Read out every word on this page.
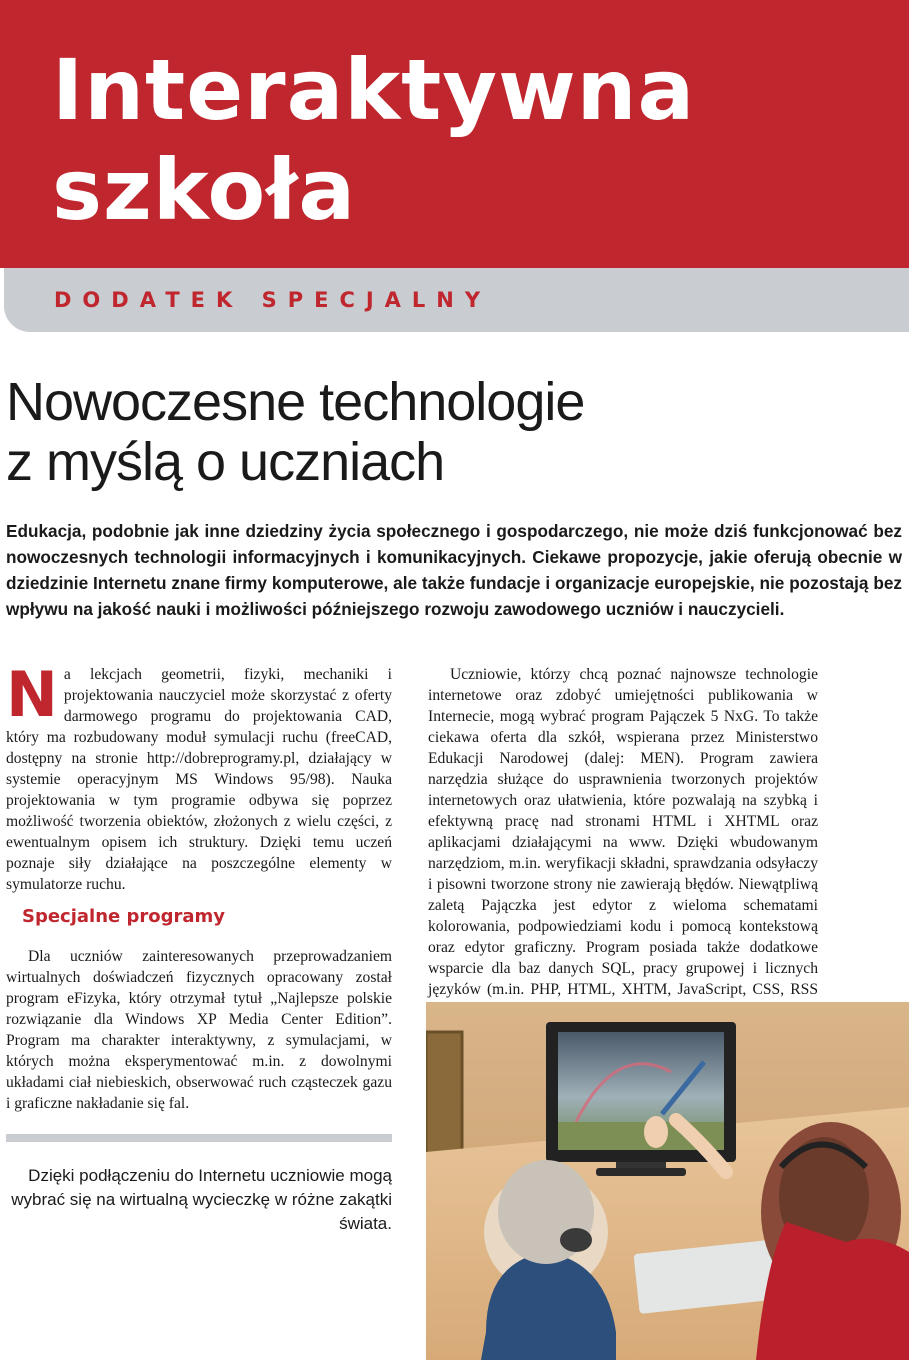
Interaktywna
szkoła
DODATEK SPECJALNY
Nowoczesne technologie
z myślą o uczniach

Edukacja, podobnie jak inne dziedziny życia społecznego i gospodarczego, nie może dziś funkcjonować bez nowoczesnych technologii informacyjnych i komunikacyjnych. Ciekawe propozycje, jakie oferują obecnie w dziedzinie Internetu znane firmy komputerowe, ale także fundacje i organizacje europejskie, nie pozostają bez wpływu na jakość nauki i możliwości późniejszego rozwoju zawodowego uczniów i nauczycieli.

Na lekcjach geometrii, fizyki, mechaniki i projektowania nauczyciel może skorzystać z oferty darmowego programu do projektowania CAD, który ma rozbudowany moduł symulacji ruchu (freeCAD, dostępny na stronie http://dobreprogramy.pl, działający w systemie operacyjnym MS Windows 95/98). Nauka projektowania w tym programie odbywa się poprzez możliwość tworzenia obiektów, złożonych z wielu części, z ewentualnym opisem ich struktury. Dzięki temu uczeń poznaje siły działające na poszczególne elementy w symulatorze ruchu.

Specjalne programy

Dla uczniów zainteresowanych przeprowadzaniem wirtualnych doświadczeń fizycznych opracowany został program eFizyka, który otrzymał tytuł „Najlepsze polskie rozwiązanie dla Windows XP Media Center Edition”. Program ma charakter interaktywny, z symulacjami, w których można eksperymentować m.in. z dowolnymi układami ciał niebieskich, obserwować ruch cząsteczek gazu i graficzne nakładanie się fal.

Uczniowie, którzy chcą poznać najnowsze technologie internetowe oraz zdobyć umiejętności publikowania w Internecie, mogą wybrać program Pajączek 5 NxG. To także ciekawa oferta dla szkół, wspierana przez Ministerstwo Edukacji Narodowej (dalej: MEN). Program zawiera narzędzia służące do usprawnienia tworzonych projektów internetowych oraz ułatwienia, które pozwalają na szybką i efektywną pracę nad stronami HTML i XHTML oraz aplikacjami działającymi na www. Dzięki wbudowanym narzędziom, m.in. weryfikacji składni, sprawdzania odsyłaczy i pisowni tworzone strony nie zawierają błędów. Niewątpliwą zaletą Pajączka jest edytor z wieloma schematami kolorowania, podpowiedziami kodu i pomocą kontekstową oraz edytor graficzny. Program posiada także dodatkowe wsparcie dla baz danych SQL, pracy grupowej i licznych języków (m.in. PHP, HTML, XHTM, JavaScript, CSS, RSS

Dzięki podłączeniu do Internetu uczniowie mogą wybrać się na wirtualną wycieczkę w różne zakątki świata.
